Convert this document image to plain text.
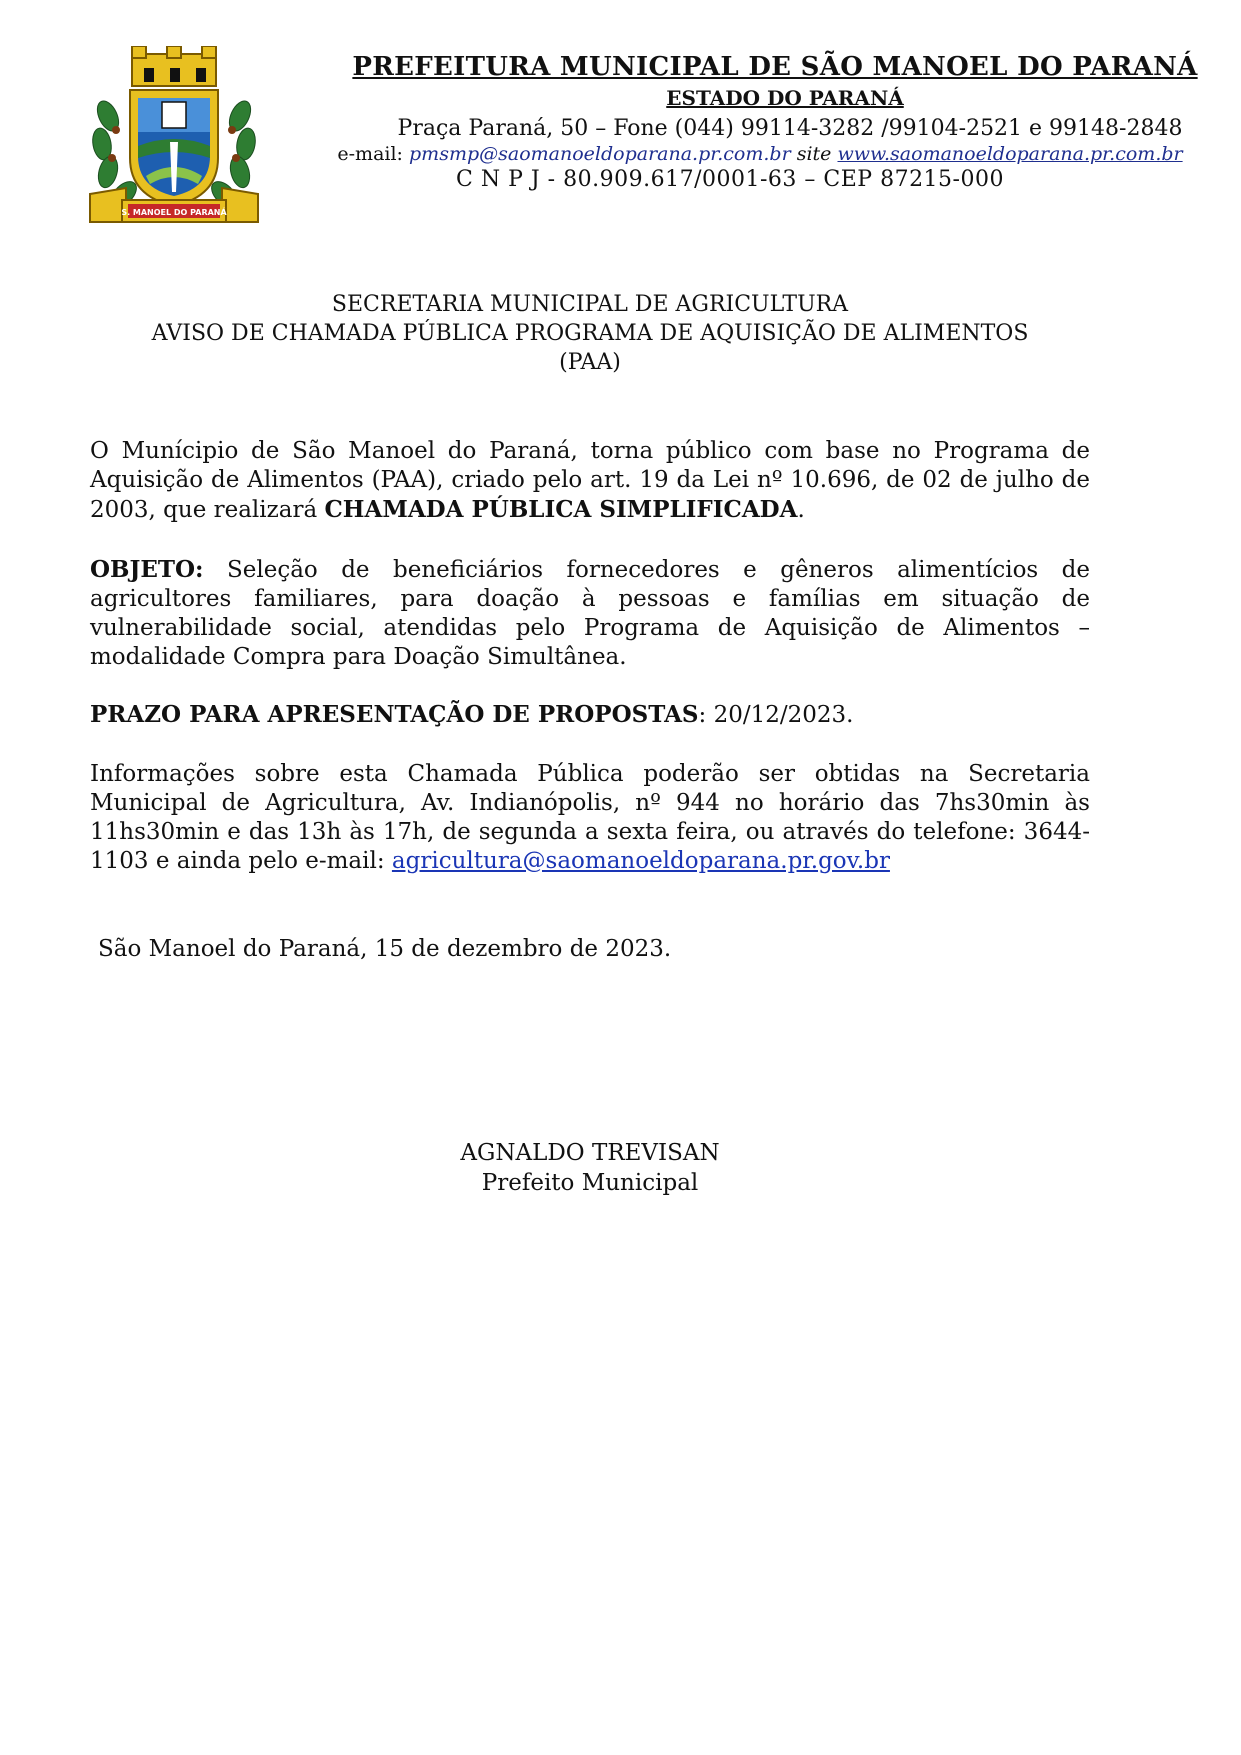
S. MANOEL DO PARANÁ
PREFEITURA MUNICIPAL DE SÃO MANOEL DO PARANÁ
ESTADO DO PARANÁ
Praça Paraná, 50 – Fone (044) 99114-3282 /99104-2521 e 99148-2848
e-mail: pmsmp@saomanoeldoparana.pr.com.br site www.saomanoeldoparana.pr.com.br
C N P J - 80.909.617/0001-63 – CEP 87215-000
SECRETARIA MUNICIPAL DE AGRICULTURA
AVISO DE CHAMADA PÚBLICA PROGRAMA DE AQUISIÇÃO DE ALIMENTOS
(PAA)
O Munícipio de São Manoel do Paraná, torna público com base no Programa de Aquisição de Alimentos (PAA), criado pelo art. 19 da Lei nº 10.696, de 02 de julho de 2003, que realizará CHAMADA PÚBLICA SIMPLIFICADA.
OBJETO: Seleção de beneficiários fornecedores e gêneros alimentícios de agricultores familiares, para doação à pessoas e famílias em situação de vulnerabilidade social, atendidas pelo Programa de Aquisição de Alimentos – modalidade Compra para Doação Simultânea.
PRAZO PARA APRESENTAÇÃO DE PROPOSTAS: 20/12/2023.
Informações sobre esta Chamada Pública poderão ser obtidas na Secretaria Municipal de Agricultura, Av. Indianópolis, nº 944 no horário das 7hs30min às 11hs30min e das 13h às 17h, de segunda a sexta feira, ou através do telefone: 3644-1103 e ainda pelo e-mail: agricultura@saomanoeldoparana.pr.gov.br
São Manoel do Paraná, 15 de dezembro de 2023.
AGNALDO TREVISAN
Prefeito Municipal
